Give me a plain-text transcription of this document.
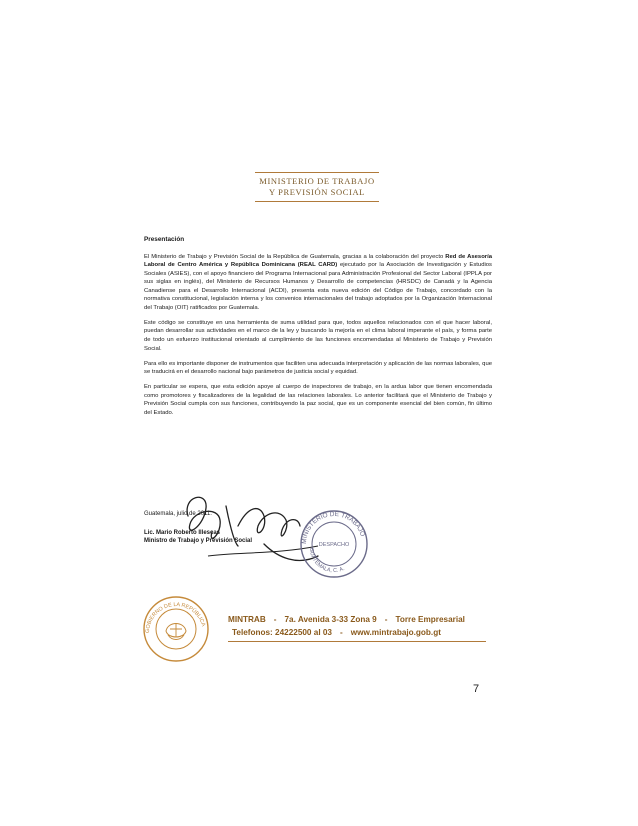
MINISTERIO DE TRABAJO
Y PREVISIÓN SOCIAL
Presentación

El Ministerio de Trabajo y Previsión Social de la República de Guatemala, gracias a la colaboración del proyecto Red de Asesoría Laboral de Centro América y República Dominicana (REAL CARD) ejecutado por la Asociación de Investigación y Estudios Sociales (ASIES), con el apoyo financiero del Programa Internacional para Administración Profesional del Sector Laboral (IPPLA por sus siglas en inglés), del Ministerio de Recursos Humanos y Desarrollo de competencias (HRSDC) de Canadá y la Agencia Canadiense para el Desarrollo Internacional (ACDI), presenta esta nueva edición del Código de Trabajo, concordado con la normativa constitucional, legislación interna y los convenios internacionales del trabajo adoptados por la Organización Internacional del Trabajo (OIT) ratificados por Guatemala.

Este código se constituye en una herramienta de suma utilidad para que, todos aquellos relacionados con el que hacer laboral, puedan desarrollar sus actividades en el marco de la ley y buscando la mejoría en el clima laboral imperante el país, y forma parte de todo un esfuerzo institucional orientado al cumplimiento de las funciones encomendadas al Ministerio de Trabajo y Previsión Social.

Para ello es importante disponer de instrumentos que faciliten una adecuada interpretación y aplicación de las normas laborales, que se traducirá en el desarrollo nacional bajo parámetros de justicia social y equidad.

En particular se espera, que esta edición apoye al cuerpo de inspectores de trabajo, en la ardua labor que tienen encomendada como promotores y fiscalizadores de la legalidad de las relaciones laborales. Lo anterior facilitará que el Ministerio de Trabajo y Previsión Social cumpla con sus funciones, contribuyendo la paz social, que es un componente esencial del bien común, fin último del Estado.

Guatemala, julio de 2011.
Lic. Mario Roberto Illescas
Ministro de Trabajo y Previsión Social	MINISTERIO DE TRABAJO
GUATEMALA, C. A.
DESPACHO
GOBIERNO DE LA REPÚBLICA
MINTRAB - 7a. Avenida 3-33 Zona 9 - Torre Empresarial
Telefonos: 24222500 al 03 - www.mintrabajo.gob.gt
7
